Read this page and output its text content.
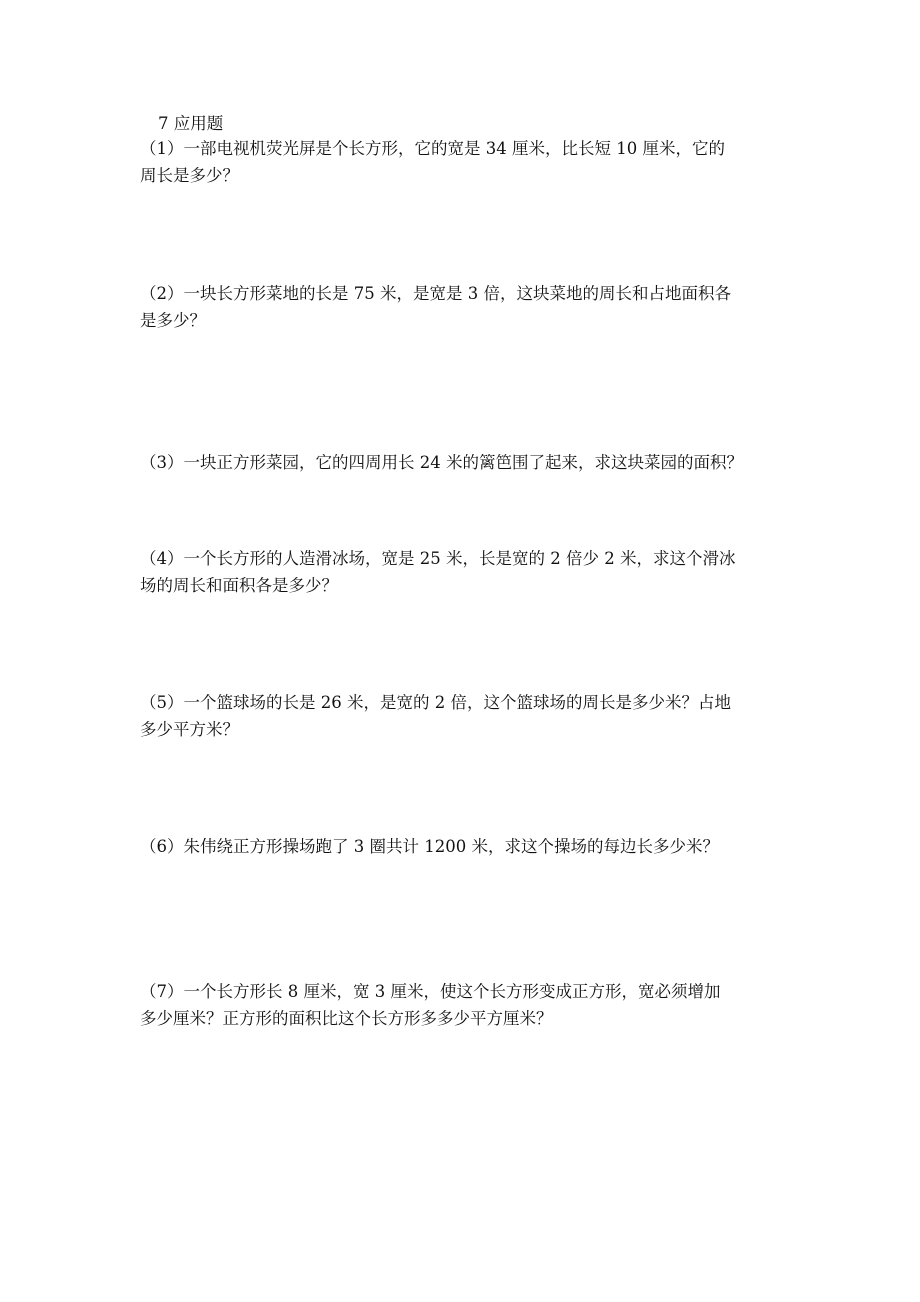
7 应用题

（1）一部电视机荧光屏是个长方形，它的宽是 34 厘米，比长短 10 厘米，它的

周长是多少？

（2）一块长方形菜地的长是 75 米，是宽是 3 倍，这块菜地的周长和占地面积各

是多少？

（3）一块正方形菜园，它的四周用长 24 米的篱笆围了起来，求这块菜园的面积？

（4）一个长方形的人造滑冰场，宽是 25 米，长是宽的 2 倍少 2 米，求这个滑冰

场的周长和面积各是多少？

（5）一个篮球场的长是 26 米，是宽的 2 倍，这个篮球场的周长是多少米？占地

多少平方米？

（6）朱伟绕正方形操场跑了 3 圈共计 1200 米，求这个操场的每边长多少米？

（7）一个长方形长 8 厘米，宽 3 厘米，使这个长方形变成正方形，宽必须增加

多少厘米？正方形的面积比这个长方形多多少平方厘米？
